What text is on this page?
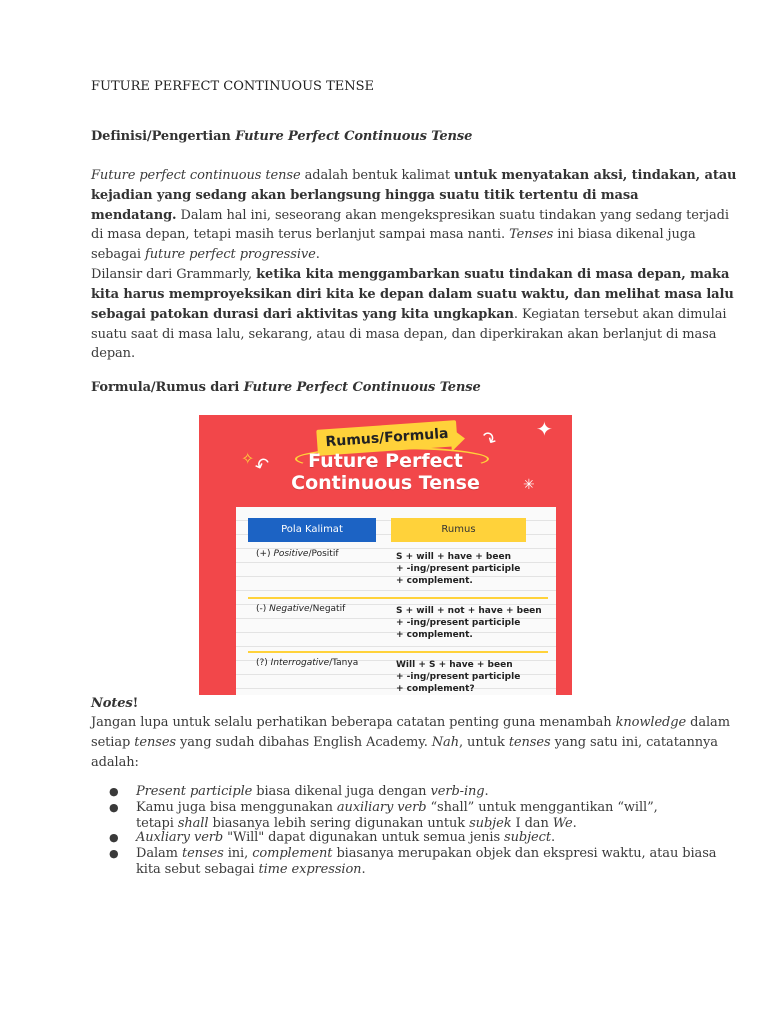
FUTURE PERFECT CONTINUOUS TENSE
Definisi/Pengertian Future Perfect Continuous Tense
Future perfect continuous tense adalah bentuk kalimat untuk menyatakan aksi, tindakan, atau
kejadian yang sedang akan berlangsung hingga suatu titik tertentu di masa
mendatang. Dalam hal ini, seseorang akan mengekspresikan suatu tindakan yang sedang terjadi
di masa depan, tetapi masih terus berlanjut sampai masa nanti. Tenses ini biasa dikenal juga
sebagai future perfect progressive.
Dilansir dari Grammarly, ketika kita menggambarkan suatu tindakan di masa depan, maka
kita harus memproyeksikan diri kita ke depan dalam suatu waktu, dan melihat masa lalu
sebagai patokan durasi dari aktivitas yang kita ungkapkan. Kegiatan tersebut akan dimulai
suatu saat di masa lalu, sekarang, atau di masa depan, dan diperkirakan akan berlanjut di masa
depan.
Formula/Rumus dari Future Perfect Continuous Tense
Rumus/Formula	✦
✧
✳
↶
↷
Future Perfect
Continuous Tense
Pola Kalimat	Rumus
(+) Positive/Positif	S + will + have + been
+ -ing/present participle
+ complement.
(-) Negative/Negatif	S + will + not + have + been
+ -ing/present participle
+ complement.
(?) Interrogative/Tanya	Will + S + have + been
+ -ing/present participle
+ complement?
Notes!
Jangan lupa untuk selalu perhatikan beberapa catatan penting guna menambah knowledge dalam
setiap tenses yang sudah dibahas English Academy. Nah, untuk tenses yang satu ini, catatannya
adalah:
● Present participle biasa dikenal juga dengan verb-ing.
● Kamu juga bisa menggunakan auxiliary verb “shall” untuk menggantikan “will”,
tetapi shall biasanya lebih sering digunakan untuk subjek I dan We.
● Auxliary verb "Will" dapat digunakan untuk semua jenis subject.
● Dalam tenses ini, complement biasanya merupakan objek dan ekspresi waktu, atau biasa
kita sebut sebagai time expression.
